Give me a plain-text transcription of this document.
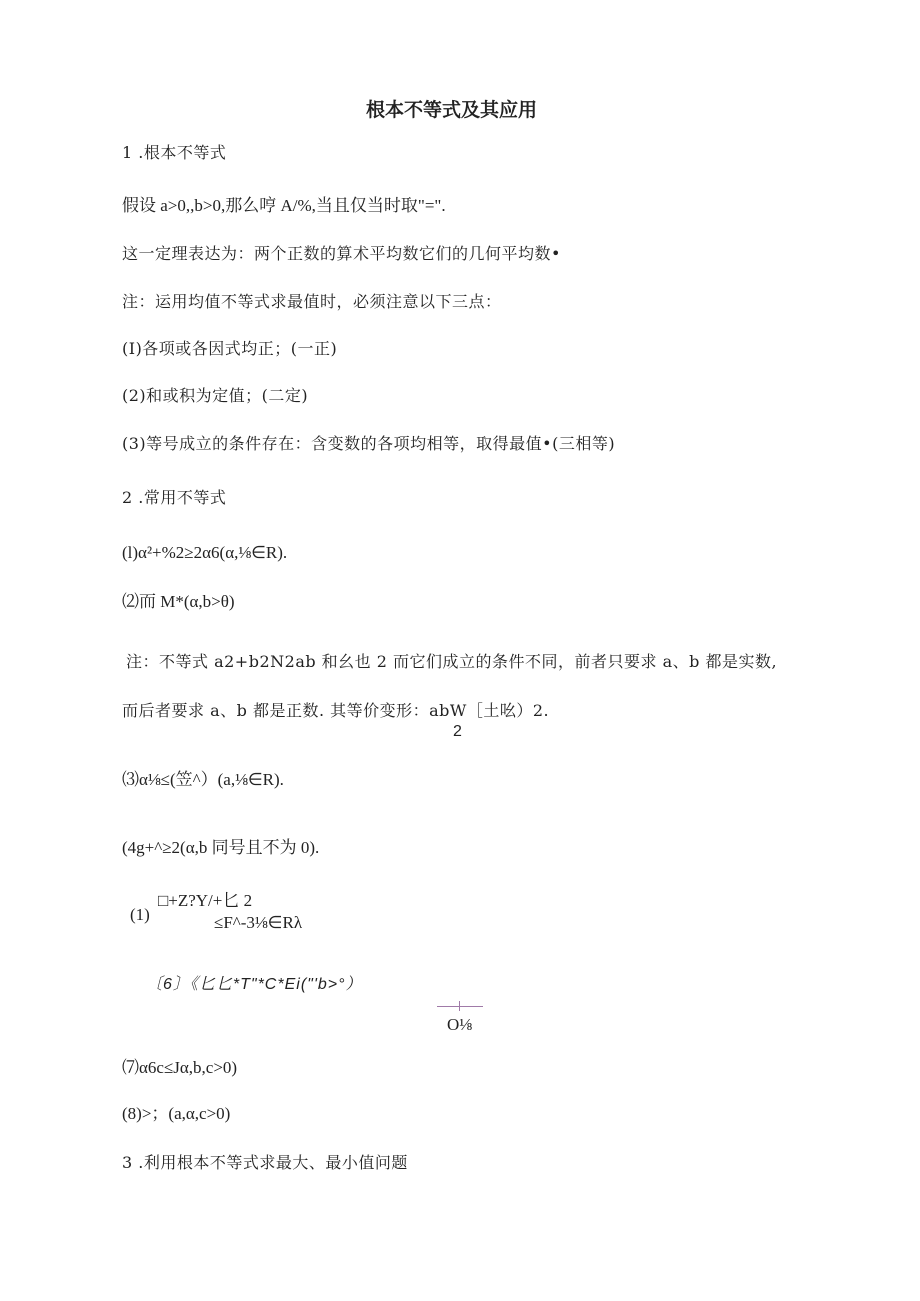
根本不等式及其应用
1 .根本不等式
假设 a>0,,b>0,那么哼 A/%,当且仅当时取"=".
这一定理表达为：两个正数的算术平均数它们的几何平均数•
注：运用均值不等式求最值时，必须注意以下三点：
(I)各项或各因式均正；(一正)
(2)和或积为定值；(二定)
(3)等号成立的条件存在：含变数的各项均相等，取得最值•(三相等)
2 .常用不等式
(l)α²+%2≥2α6(α,⅛∈R).
⑵而 M*(α,b>θ)
注：不等式 a2+b2N2ab 和幺也 2 而它们成立的条件不同，前者只要求 a、b 都是实数,
而后者要求 a、b 都是正数. 其等价变形：abW［土吆）2.
2
⑶α⅛≤(笠^）(a,⅛∈R).
(4g+^≥2(α,b 同号且不为 0).
(1)
□+Z?Y/+匕 2
≤F^-3⅛∈Rλ
〔6〕《匕匕*T"*C*Ei("'b>°）
O⅛
⑺α6c≤Jα,b,c>0)
(8)>；(a,α,c>0)
3 .利用根本不等式求最大、最小值问题
